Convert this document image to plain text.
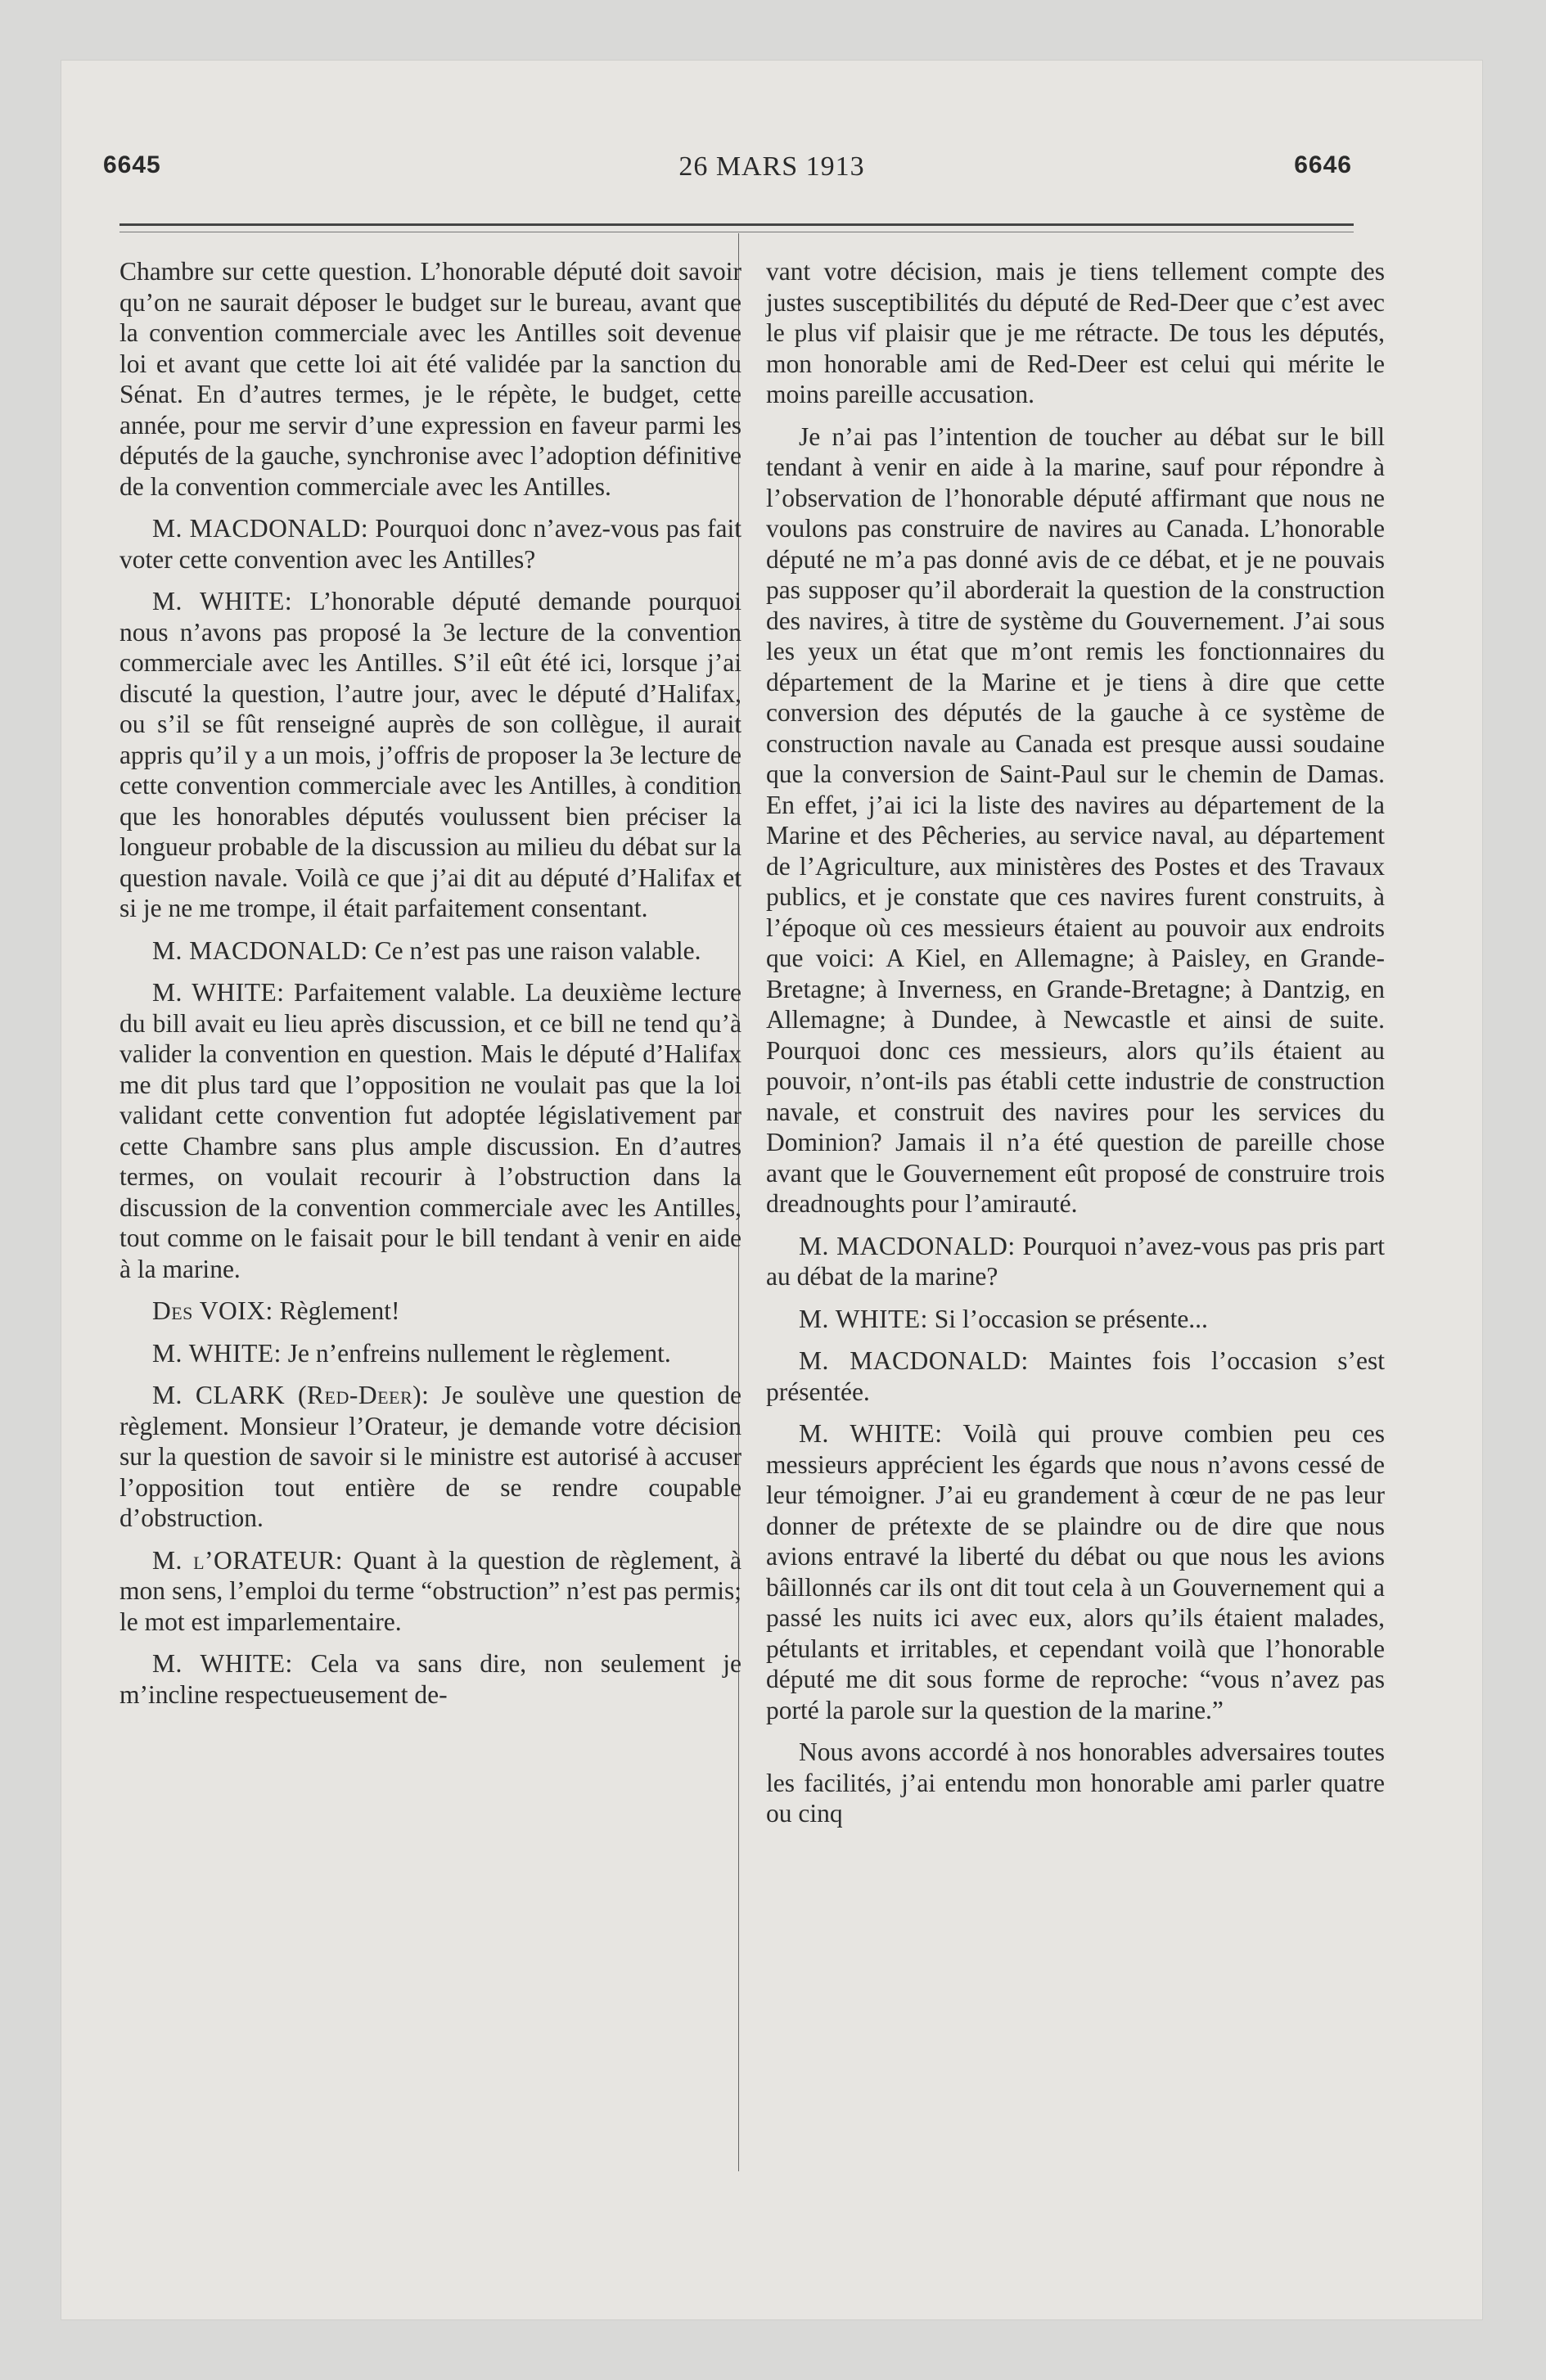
6645	26 MARS 1913	6646

Chambre sur cette question. L’honorable député doit savoir qu’on ne saurait déposer le budget sur le bureau, avant que la convention commerciale avec les Antilles soit devenue loi et avant que cette loi ait été validée par la sanction du Sénat. En d’autres termes, je le répète, le budget, cette année, pour me servir d’une expression en faveur parmi les députés de la gauche, synchronise avec l’adoption définitive de la convention commerciale avec les Antilles.

M. MACDONALD: Pourquoi donc n’avez-vous pas fait voter cette convention avec les Antilles?

M. WHITE: L’honorable député demande pourquoi nous n’avons pas proposé la 3e lecture de la convention commerciale avec les Antilles. S’il eût été ici, lorsque j’ai discuté la question, l’autre jour, avec le député d’Halifax, ou s’il se fût renseigné auprès de son collègue, il aurait appris qu’il y a un mois, j’offris de proposer la 3e lecture de cette convention commerciale avec les Antilles, à condition que les honorables députés voulussent bien préciser la longueur probable de la discussion au milieu du débat sur la question navale. Voilà ce que j’ai dit au député d’Halifax et si je ne me trompe, il était parfaitement consentant.

M. MACDONALD: Ce n’est pas une raison valable.

M. WHITE: Parfaitement valable. La deuxième lecture du bill avait eu lieu après discussion, et ce bill ne tend qu’à valider la convention en question. Mais le député d’Halifax me dit plus tard que l’opposition ne voulait pas que la loi validant cette convention fut adoptée législativement par cette Chambre sans plus ample discussion. En d’autres termes, on voulait recourir à l’obstruction dans la discussion de la convention commerciale avec les Antilles, tout comme on le faisait pour le bill tendant à venir en aide à la marine.

Des VOIX: Règlement!

M. WHITE: Je n’enfreins nullement le règlement.

M. CLARK (Red-Deer): Je soulève une question de règlement. Monsieur l’Orateur, je demande votre décision sur la question de savoir si le ministre est autorisé à accuser l’opposition tout entière de se rendre coupable d’obstruction.

M. l’ORATEUR: Quant à la question de règlement, à mon sens, l’emploi du terme “obstruction” n’est pas permis; le mot est imparlementaire.

M. WHITE: Cela va sans dire, non seulement je m’incline respectueusement de-

vant votre décision, mais je tiens tellement compte des justes susceptibilités du député de Red-Deer que c’est avec le plus vif plaisir que je me rétracte. De tous les députés, mon honorable ami de Red-Deer est celui qui mérite le moins pareille accusation.

Je n’ai pas l’intention de toucher au débat sur le bill tendant à venir en aide à la marine, sauf pour répondre à l’observation de l’honorable député affirmant que nous ne voulons pas construire de navires au Canada. L’honorable député ne m’a pas donné avis de ce débat, et je ne pouvais pas supposer qu’il aborderait la question de la construction des navires, à titre de système du Gouvernement. J’ai sous les yeux un état que m’ont remis les fonctionnaires du département de la Marine et je tiens à dire que cette conversion des députés de la gauche à ce système de construction navale au Canada est presque aussi soudaine que la conversion de Saint-Paul sur le chemin de Damas. En effet, j’ai ici la liste des navires au département de la Marine et des Pêcheries, au service naval, au département de l’Agriculture, aux ministères des Postes et des Travaux publics, et je constate que ces navires furent construits, à l’époque où ces messieurs étaient au pouvoir aux endroits que voici: A Kiel, en Allemagne; à Paisley, en Grande-Bretagne; à Inverness, en Grande-Bretagne; à Dantzig, en Allemagne; à Dundee, à Newcastle et ainsi de suite. Pourquoi donc ces messieurs, alors qu’ils étaient au pouvoir, n’ont-ils pas établi cette industrie de construction navale, et construit des navires pour les services du Dominion? Jamais il n’a été question de pareille chose avant que le Gouvernement eût proposé de construire trois dreadnoughts pour l’amirauté.

M. MACDONALD: Pourquoi n’avez-vous pas pris part au débat de la marine?

M. WHITE: Si l’occasion se présente...

M. MACDONALD: Maintes fois l’occasion s’est présentée.

M. WHITE: Voilà qui prouve combien peu ces messieurs apprécient les égards que nous n’avons cessé de leur témoigner. J’ai eu grandement à cœur de ne pas leur donner de prétexte de se plaindre ou de dire que nous avions entravé la liberté du débat ou que nous les avions bâillonnés car ils ont dit tout cela à un Gouvernement qui a passé les nuits ici avec eux, alors qu’ils étaient malades, pétulants et irritables, et cependant voilà que l’honorable député me dit sous forme de reproche: “vous n’avez pas porté la parole sur la question de la marine.”

Nous avons accordé à nos honorables adversaires toutes les facilités, j’ai entendu mon honorable ami parler quatre ou cinq
